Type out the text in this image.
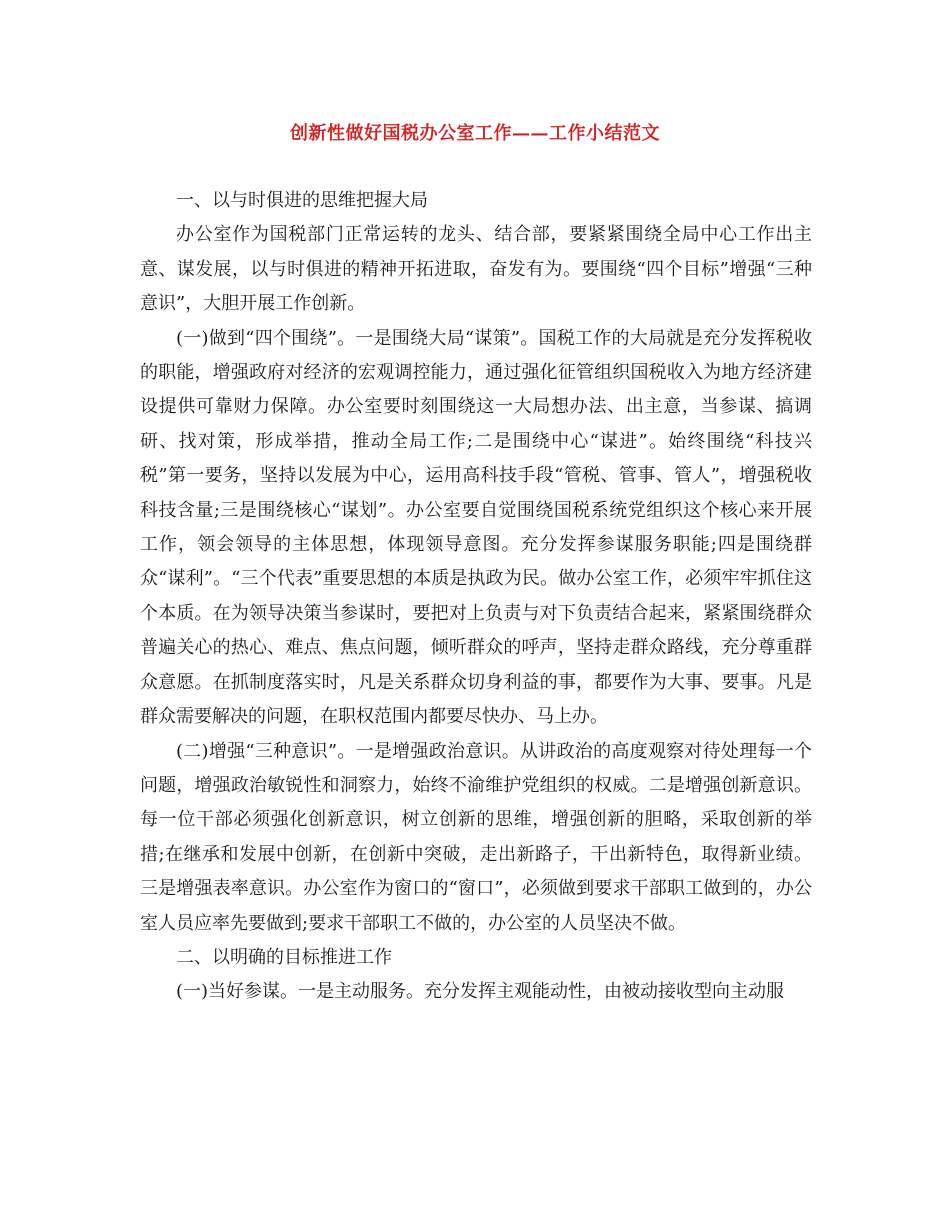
创新性做好国税办公室工作——工作小结范文

一、以与时俱进的思维把握大局

办公室作为国税部门正常运转的龙头、结合部，要紧紧围绕全局中心工作出主意、谋发展，以与时俱进的精神开拓进取，奋发有为。要围绕“四个目标”增强“三种意识”，大胆开展工作创新。

(一)做到“四个围绕”。一是围绕大局“谋策”。国税工作的大局就是充分发挥税收的职能，增强政府对经济的宏观调控能力，通过强化征管组织国税收入为地方经济建设提供可靠财力保障。办公室要时刻围绕这一大局想办法、出主意，当参谋、搞调研、找对策，形成举措，推动全局工作;二是围绕中心“谋进”。始终围绕“科技兴税”第一要务，坚持以发展为中心，运用高科技手段“管税、管事、管人”，增强税收科技含量;三是围绕核心“谋划”。办公室要自觉围绕国税系统党组织这个核心来开展工作，领会领导的主体思想，体现领导意图。充分发挥参谋服务职能;四是围绕群众“谋利”。“三个代表”重要思想的本质是执政为民。做办公室工作，必须牢牢抓住这个本质。在为领导决策当参谋时，要把对上负责与对下负责结合起来，紧紧围绕群众普遍关心的热心、难点、焦点问题，倾听群众的呼声，坚持走群众路线，充分尊重群众意愿。在抓制度落实时，凡是关系群众切身利益的事，都要作为大事、要事。凡是群众需要解决的问题，在职权范围内都要尽快办、马上办。

(二)增强“三种意识”。一是增强政治意识。从讲政治的高度观察对待处理每一个问题，增强政治敏锐性和洞察力，始终不渝维护党组织的权威。二是增强创新意识。每一位干部必须强化创新意识，树立创新的思维，增强创新的胆略，采取创新的举措;在继承和发展中创新，在创新中突破，走出新路子，干出新特色，取得新业绩。三是增强表率意识。办公室作为窗口的“窗口”，必须做到要求干部职工做到的，办公室人员应率先要做到;要求干部职工不做的，办公室的人员坚决不做。

二、以明确的目标推进工作

(一)当好参谋。一是主动服务。充分发挥主观能动性，由被动接收型向主动服
